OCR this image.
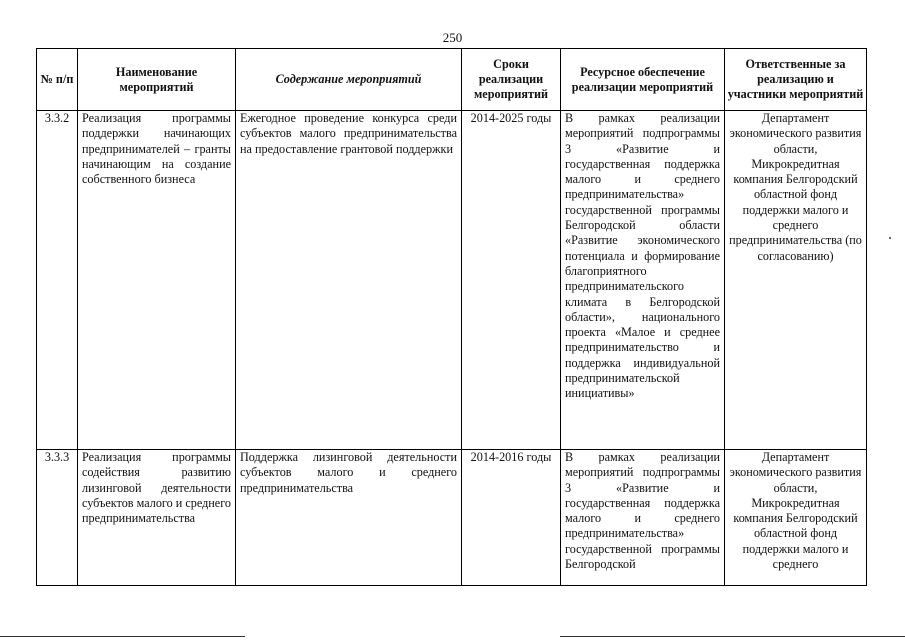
250
№ п/п	Наименование мероприятий	Содержание мероприятий	Сроки реализации мероприятий	Ресурсное обеспечение реализации мероприятий	Ответственные за реализацию и участники мероприятий
3.3.2	Реализация программы поддержки начинающих предпринимателей – гранты начинающим на создание собственного бизнеса	Ежегодное проведение конкурса среди субъектов малого предпринимательства на предоставление грантовой поддержки	2014-2025 годы	В рамках реализации мероприятий подпрограммы 3 «Развитие и государственная поддержка малого и среднего предпринимательства» государственной программы Белгородской области «Развитие экономического потенциала и формирование благоприятного предпринимательского климата в Белгородской области», национального проекта «Малое и среднее предпринимательство и поддержка индивидуальной предпринимательской инициативы»	Департамент экономического развития области, Микрокредитная компания Белгородский областной фонд поддержки малого и среднего предпринимательства (по согласованию)
3.3.3	Реализация программы содействия развитию лизинговой деятельности субъектов малого и среднего предпринимательства	Поддержка лизинговой деятельности субъектов малого и среднего предпринимательства	2014-2016 годы	В рамках реализации мероприятий подпрограммы 3 «Развитие и государственная поддержка малого и среднего предпринимательства» государственной программы Белгородской	Департамент экономического развития области, Микрокредитная компания Белгородский областной фонд поддержки малого и среднего
